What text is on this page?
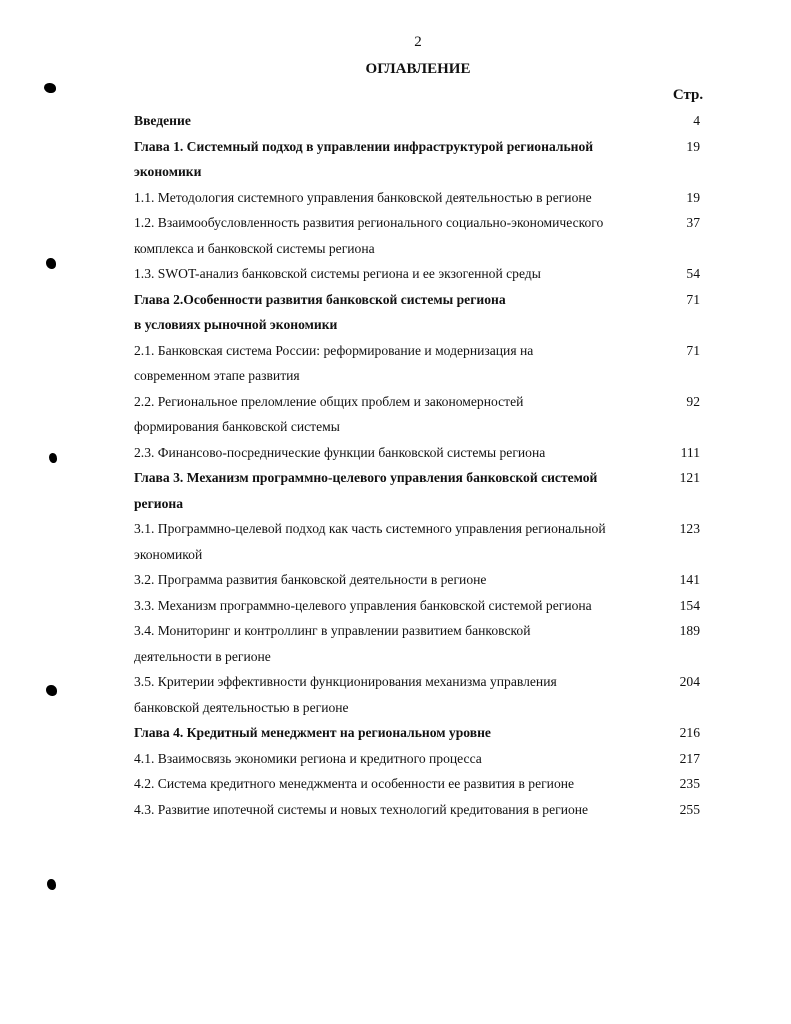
2
ОГЛАВЛЕНИЕ
Стр.
Введение	4
Глава 1. Системный подход в управлении инфраструктурой региональной	19
экономики
1.1. Методология системного управления банковской деятельностью в регионе	19
1.2. Взаимообусловленность развития регионального социально-экономического	37
комплекса и банковской системы региона
1.3. SWOT-анализ банковской системы региона и ее экзогенной среды	54
Глава 2.Особенности развития банковской системы региона	71
в условиях рыночной экономики
2.1. Банковская система России: реформирование и модернизация на	71
современном этапе развития
2.2. Региональное преломление общих проблем и закономерностей	92
формирования банковской системы
2.3. Финансово-посреднические функции банковской системы региона	111
Глава 3. Механизм программно-целевого управления банковской системой	121
региона
3.1. Программно-целевой подход как часть системного управления региональной	123
экономикой
3.2. Программа развития банковской деятельности в регионе	141
3.3. Механизм программно-целевого управления банковской системой региона	154
3.4. Мониторинг и контроллинг в управлении развитием банковской	189
деятельности в регионе
3.5. Критерии эффективности функционирования механизма управления	204
банковской деятельностью в регионе
Глава 4. Кредитный менеджмент на региональном уровне	216
4.1. Взаимосвязь экономики региона и кредитного процесса	217
4.2. Система кредитного менеджмента и особенности ее развития в регионе	235
4.3. Развитие ипотечной системы и новых технологий кредитования в регионе	255
